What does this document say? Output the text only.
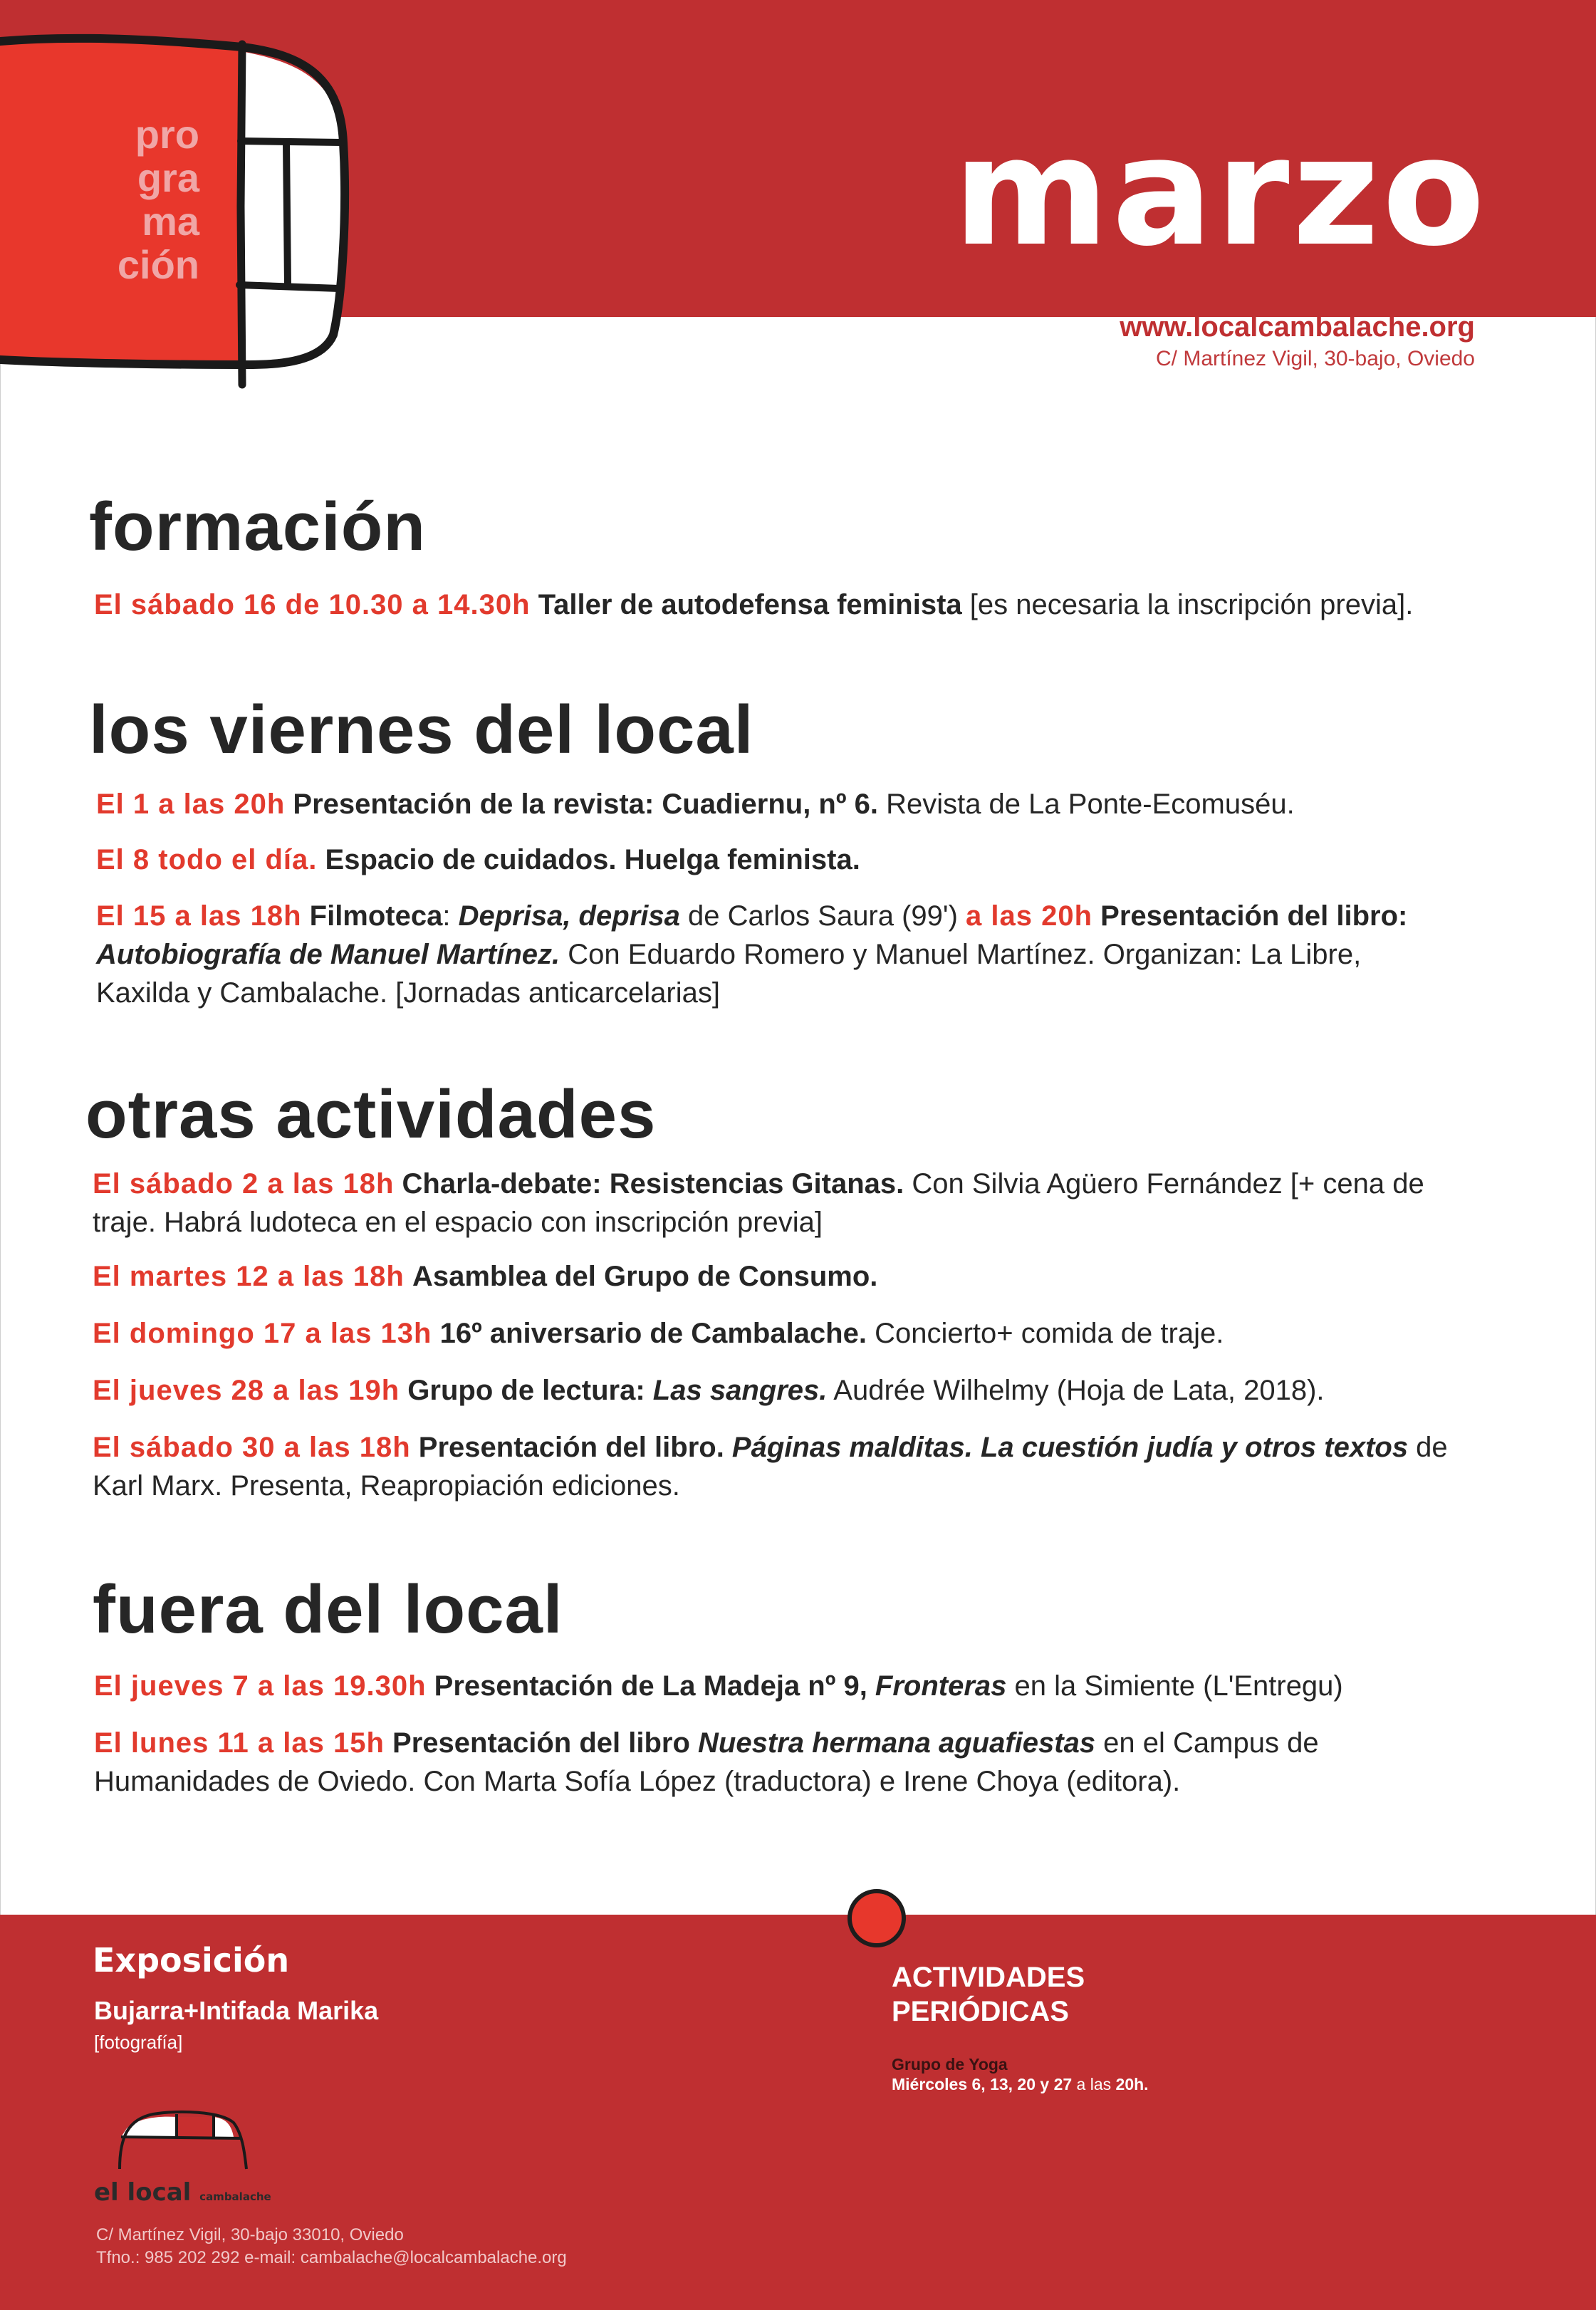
pro
gra
ma
ción	marzo
www.localcambalache.org
C/ Martínez Vigil, 30-bajo, Oviedo
formación

El sábado 16 de 10.30 a 14.30h Taller de autodefensa feminista [es necesaria la inscripción previa].

los viernes del local

El 1 a las 20h Presentación de la revista: Cuadiernu, nº 6. Revista de La Ponte-Ecomuséu.

El 8 todo el día. Espacio de cuidados. Huelga feminista.

El 15 a las 18h Filmoteca: Deprisa, deprisa de Carlos Saura (99') a las 20h Presentación del libro: Autobiografía de Manuel Martínez. Con Eduardo Romero y Manuel Martínez. Organizan: La Libre, Kaxilda y Cambalache. [Jornadas anticarcelarias]

otras actividades

El sábado 2 a las 18h Charla-debate: Resistencias Gitanas. Con Silvia Agüero Fernández [+ cena de traje. Habrá ludoteca en el espacio con inscripción previa]

El martes 12 a las 18h Asamblea del Grupo de Consumo.

El domingo 17 a las 13h 16º aniversario de Cambalache. Concierto+ comida de traje.

El jueves 28 a las 19h Grupo de lectura: Las sangres. Audrée Wilhelmy (Hoja de Lata, 2018).

El sábado 30 a las 18h Presentación del libro. Páginas malditas. La cuestión judía y otros textos de Karl Marx. Presenta, Reapropiación ediciones.

fuera del local

El jueves 7 a las 19.30h Presentación de La Madeja nº 9, Fronteras en la Simiente (L'Entregu)

El lunes 11 a las 15h Presentación del libro Nuestra hermana aguafiestas en el Campus de Humanidades de Oviedo. Con Marta Sofía López (traductora) e Irene Choya (editora).

Exposición
Bujarra+Intifada Marika
[fotografía]
el local cambalache
C/ Martínez Vigil, 30-bajo 33010, Oviedo
Tfno.: 985 202 292 e-mail: cambalache@localcambalache.org
ACTIVIDADES
PERIÓDICAS
Grupo de Yoga
Miércoles 6, 13, 20 y 27 a las 20h.
